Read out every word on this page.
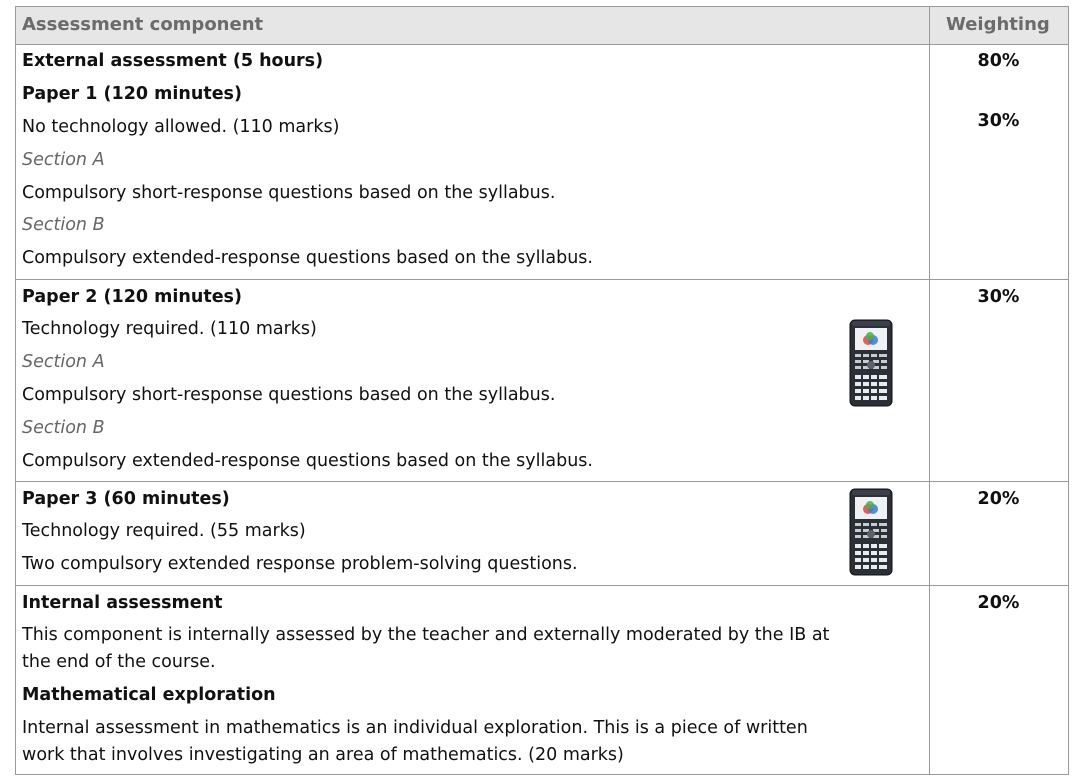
Assessment component	Weighting
External assessment (5 hours)	80%
Paper 1 (120 minutes)
No technology allowed. (110 marks)	30%
Section A
Compulsory short-response questions based on the syllabus.
Section B
Compulsory extended-response questions based on the syllabus.
Paper 2 (120 minutes)	30%
Technology required. (110 marks)
Section A
Compulsory short-response questions based on the syllabus.
Section B
Compulsory extended-response questions based on the syllabus.
Paper 3 (60 minutes)	20%
Technology required. (55 marks)
Two compulsory extended response problem-solving questions.
Internal assessment	20%
This component is internally assessed by the teacher and externally moderated by the IB at
the end of the course.
Mathematical exploration
Internal assessment in mathematics is an individual exploration. This is a piece of written
work that involves investigating an area of mathematics. (20 marks)
